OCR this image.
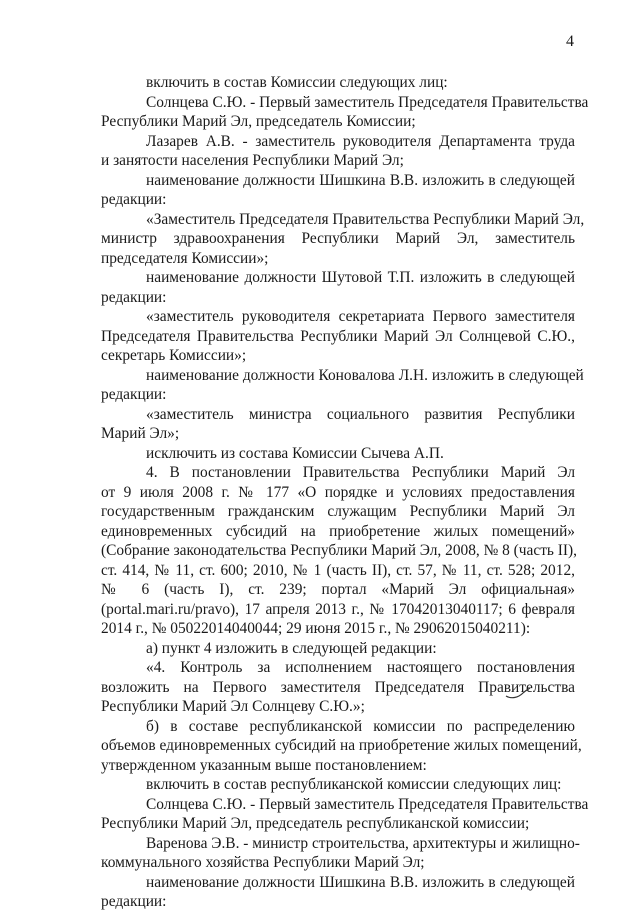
4
включить в состав Комиссии следующих лиц:
Солнцева С.Ю. - Первый заместитель Председателя Правительства
Республики Марий Эл, председатель Комиссии;
Лазарев А.В. - заместитель руководителя Департамента труда
и занятости населения Республики Марий Эл;
наименование должности Шишкина В.В. изложить в следующей
редакции:
«Заместитель Председателя Правительства Республики Марий Эл,
министр здравоохранения Республики Марий Эл, заместитель
председателя Комиссии»;
наименование должности Шутовой Т.П. изложить в следующей
редакции:
«заместитель руководителя секретариата Первого заместителя
Председателя Правительства Республики Марий Эл Солнцевой С.Ю.,
секретарь Комиссии»;
наименование должности Коновалова Л.Н. изложить в следующей
редакции:
«заместитель министра социального развития Республики
Марий Эл»;
исключить из состава Комиссии Сычева А.П.
4. В постановлении Правительства Республики Марий Эл
от 9 июля 2008 г. № 177 «О порядке и условиях предоставления
государственным гражданским служащим Республики Марий Эл
единовременных субсидий на приобретение жилых помещений»
(Собрание законодательства Республики Марий Эл, 2008, № 8 (часть II),
ст. 414, № 11, ст. 600; 2010, № 1 (часть II), ст. 57, № 11, ст. 528; 2012,
№ 6 (часть I), ст. 239; портал «Марий Эл официальная»
(portal.mari.ru/pravo), 17 апреля 2013 г., № 17042013040117; 6 февраля
2014 г., № 05022014040044; 29 июня 2015 г., № 29062015040211):
а) пункт 4 изложить в следующей редакции:
«4. Контроль за исполнением настоящего постановления
возложить на Первого заместителя Председателя Правительства
Республики Марий Эл Солнцеву С.Ю.»;
б) в составе республиканской комиссии по распределению
объемов единовременных субсидий на приобретение жилых помещений,
утвержденном указанным выше постановлением:
включить в состав республиканской комиссии следующих лиц:
Солнцева С.Ю. - Первый заместитель Председателя Правительства
Республики Марий Эл, председатель республиканской комиссии;
Варенова Э.В. - министр строительства, архитектуры и жилищно-
коммунального хозяйства Республики Марий Эл;
наименование должности Шишкина В.В. изложить в следующей
редакции:
